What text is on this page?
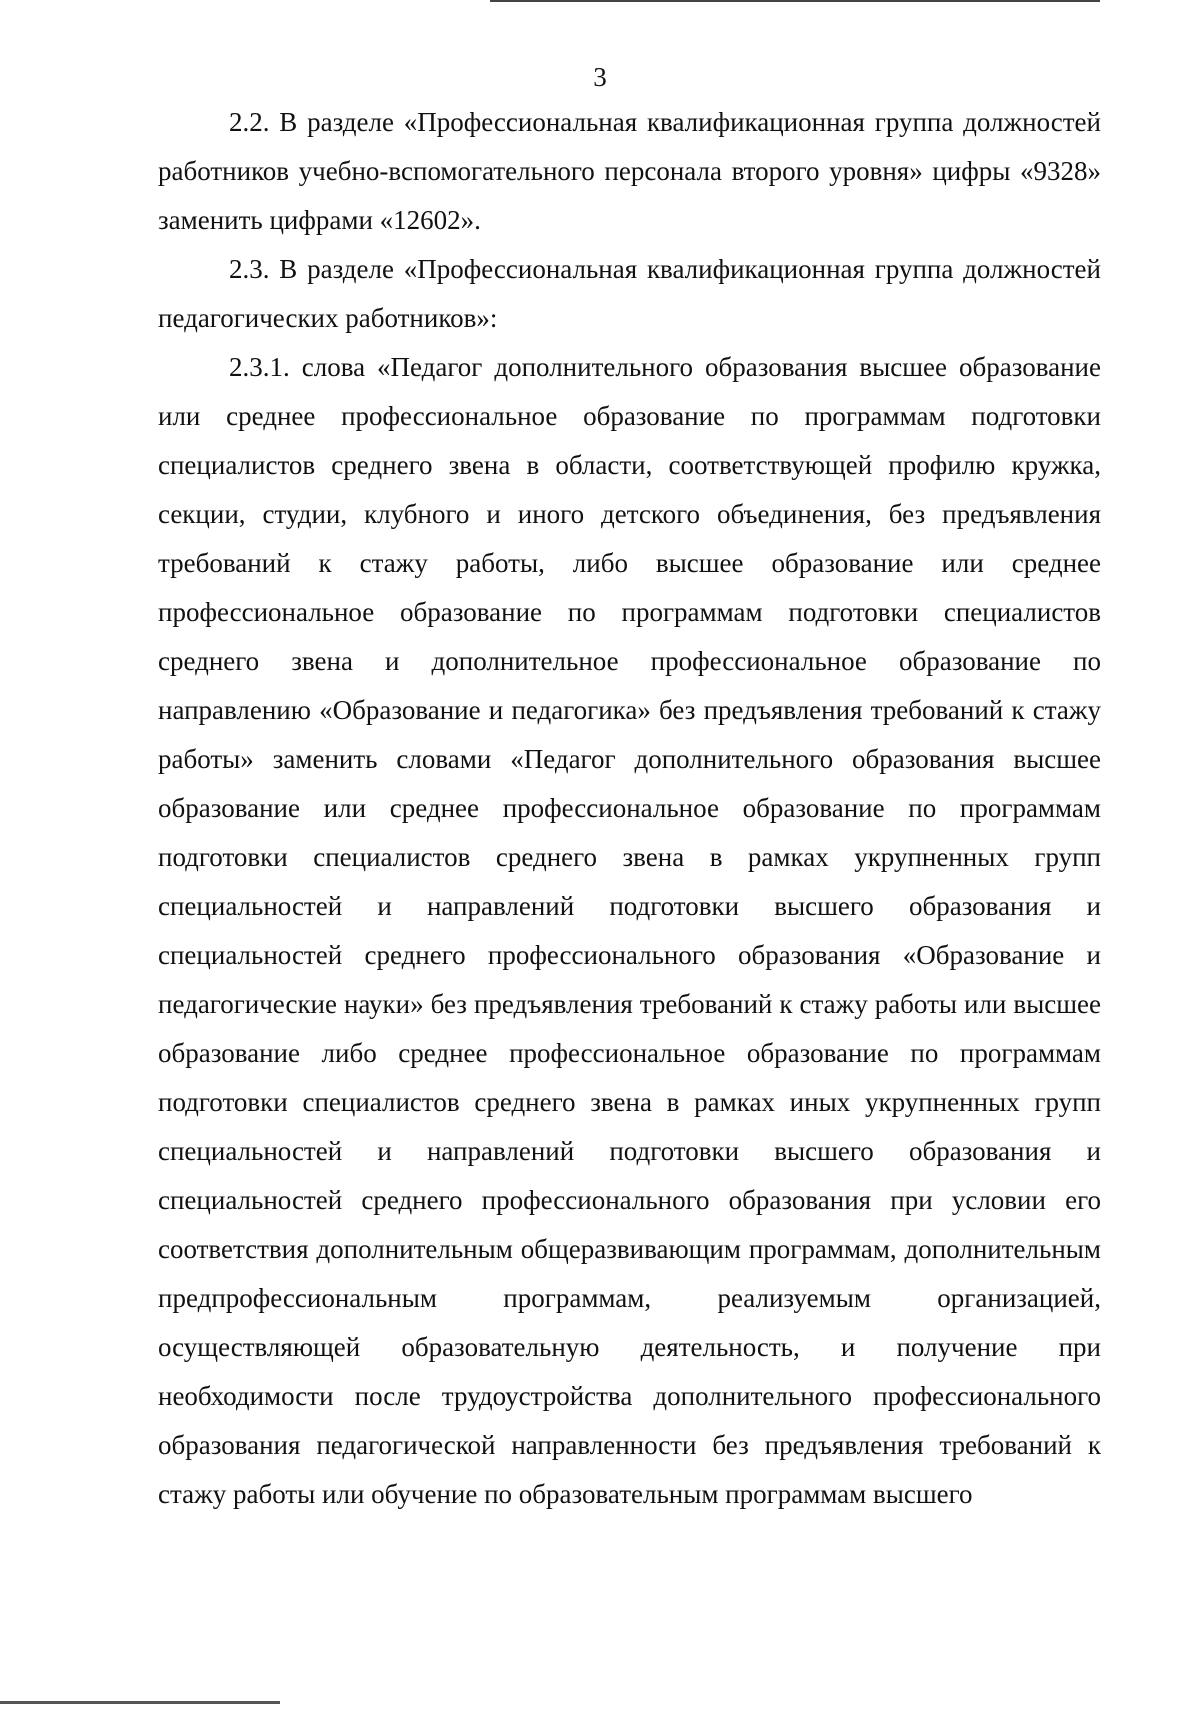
3

2.2. В разделе «Профессиональная квалификационная группа должностей работников учебно-вспомогательного персонала второго уровня» цифры «9328» заменить цифрами «12602».

2.3. В разделе «Профессиональная квалификационная группа должностей педагогических работников»:

2.3.1. слова «Педагог дополнительного образования высшее образование или среднее профессиональное образование по программам подготовки специалистов среднего звена в области, соответствующей профилю кружка, секции, студии, клубного и иного детского объединения, без предъявления требований к стажу работы, либо высшее образование или среднее профессиональное образование по программам подготовки специалистов среднего звена и дополнительное профессиональное образование по направлению «Образование и педагогика» без предъявления требований к стажу работы» заменить словами «Педагог дополнительного образования высшее образование или среднее профессиональное образование по программам подготовки специалистов среднего звена в рамках укрупненных групп специальностей и направлений подготовки высшего образования и специальностей среднего профессионального образования «Образование и педагогические науки» без предъявления требований к стажу работы или высшее образование либо среднее профессиональное образование по программам подготовки специалистов среднего звена в рамках иных укрупненных групп специальностей и направлений подготовки высшего образования и специальностей среднего профессионального образования при условии его соответствия дополнительным общеразвивающим программам, дополнительным предпрофессиональным программам, реализуемым организацией, осуществляющей образовательную деятельность, и получение при необходимости после трудоустройства дополнительного профессионального образования педагогической направленности без предъявления требований к стажу работы или обучение по образовательным программам высшего
